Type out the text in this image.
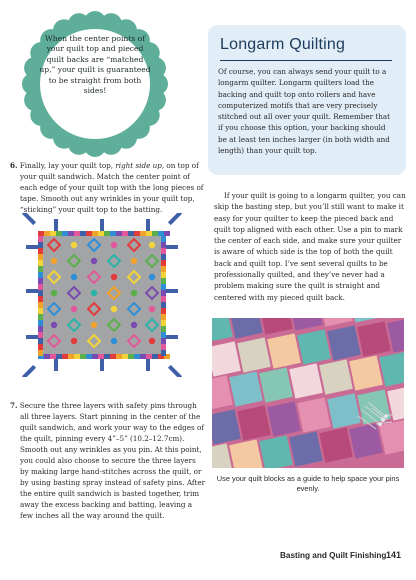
When the center points of your quilt top and pieced quilt backs are “matched up,” your quilt is guaranteed to be straight from both sides!
Longarm Quilting
Of course, you can always send your quilt to a longarm quilter. Longarm quilters load the backing and quilt top onto rollers and have computerized motifs that are very precisely stitched out all over your quilt. Remember that if you choose this option, your backing should be at least ten inches larger (in both width and length) than your quilt top.
6. Finally, lay your quilt top, right side up, on top of your quilt sandwich. Match the center point of each edge of your quilt top with the long pieces of tape. Smooth out any wrinkles in your quilt top, “sticking” your quilt top to the batting.
If your quilt is going to a longarm quilter, you can skip the basting step, but you’ll still want to make it easy for your quilter to keep the pieced back and quilt top aligned with each other. Use a pin to mark the center of each side, and make sure your quilter is aware of which side is the top of both the quilt back and quilt top. I’ve sent several quilts to be professionally quilted, and they’ve never had a problem making sure the quilt is straight and centered with my pieced quilt back.
7. Secure the three layers with safety pins through all three layers. Start pinning in the center of the quilt sandwich, and work your way to the edges of the quilt, pinning every 4”–5” (10.2–12.7cm). Smooth out any wrinkles as you pin. At this point, you could also choose to secure the three layers by making large hand-stitches across the quilt, or by using basting spray instead of safety pins. After the entire quilt sandwich is basted together, trim away the excess backing and batting, leaving a few inches all the way around the quilt.
Use your quilt blocks as a guide to help space your pins evenly.
Basting and Quilt Finishing 141
